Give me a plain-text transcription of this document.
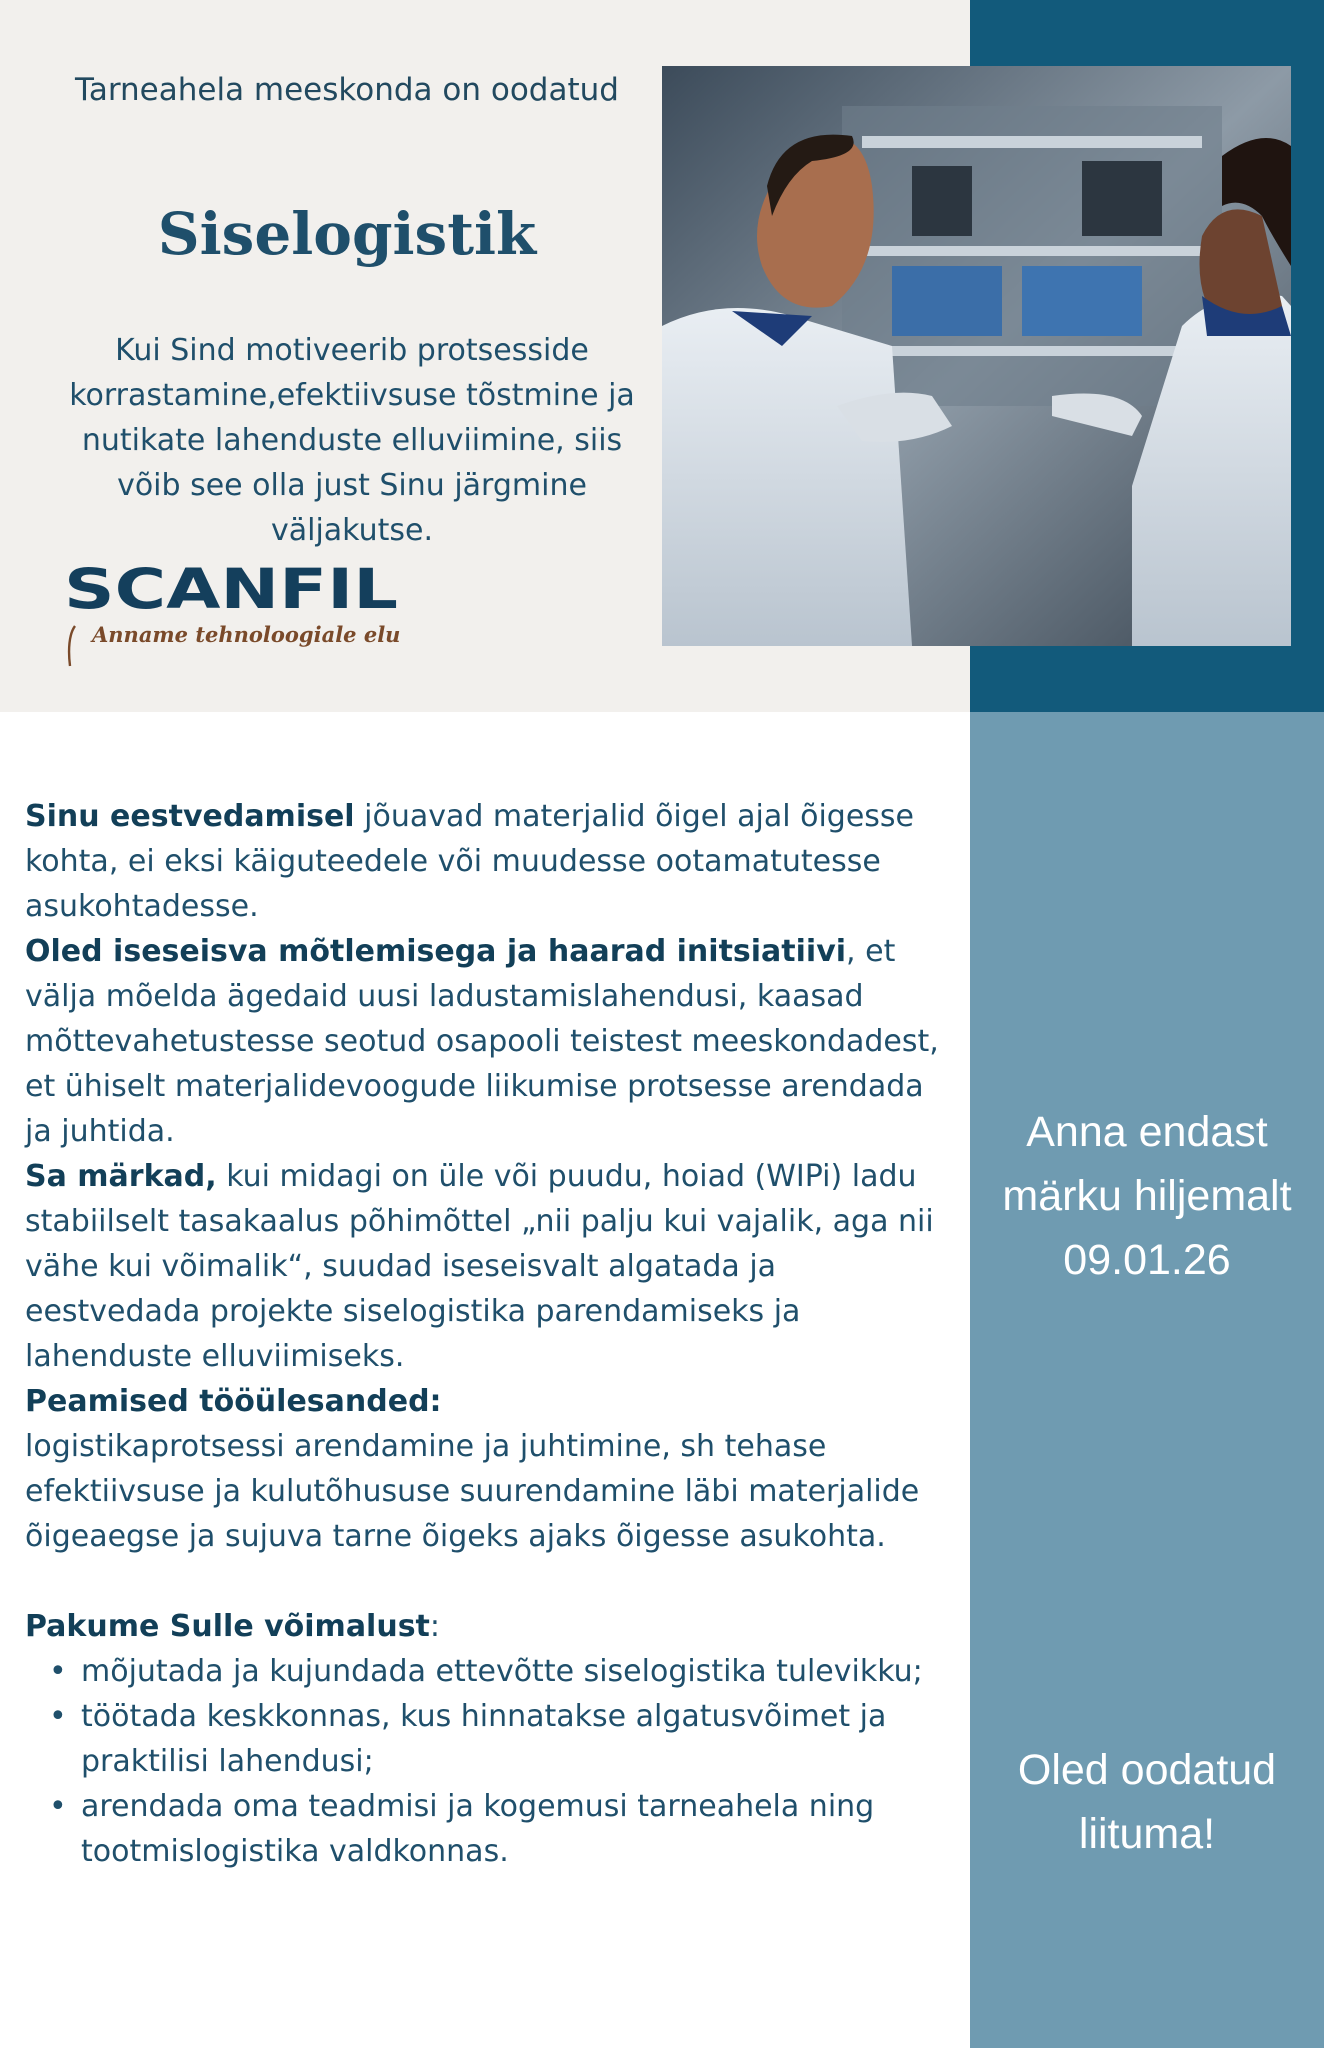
Tarneahela meeskonda on oodatud
Siselogistik
Kui Sind motiveerib protsesside korrastamine,efektiivsuse tõstmine ja nutikate lahenduste elluviimine, siis võib see olla just Sinu järgmine väljakutse.
SCANFIL
Anname tehnoloogiale elu

Sinu eestvedamisel jõuavad materjalid õigel ajal õigesse kohta, ei eksi käiguteedele või muudesse ootamatutesse asukohtadesse.

Oled iseseisva mõtlemisega ja haarad initsiatiivi, et välja mõelda ägedaid uusi ladustamislahendusi, kaasad mõttevahetustesse seotud osapooli teistest meeskondadest, et ühiselt materjalidevoogude liikumise protsesse arendada ja juhtida.

Sa märkad, kui midagi on üle või puudu, hoiad (WIPi) ladu stabiilselt tasakaalus põhimõttel „nii palju kui vajalik, aga nii vähe kui võimalik“, suudad iseseisvalt algatada ja eestvedada projekte siselogistika parendamiseks ja lahenduste elluviimiseks.

Peamised tööülesanded:

logistikaprotsessi arendamine ja juhtimine, sh tehase efektiivsuse ja kulutõhususe suurendamine läbi materjalide õigeaegse ja sujuva tarne õigeks ajaks õigesse asukohta.

Pakume Sulle võimalust:

• mõjutada ja kujundada ettevõtte siselogistika tulevikku;
• töötada keskkonnas, kus hinnatakse algatusvõimet ja praktilisi lahendusi;
• arendada oma teadmisi ja kogemusi tarneahela ning tootmislogistika valdkonnas.
Anna endast märku hiljemalt 09.01.26
Oled oodatud liituma!
